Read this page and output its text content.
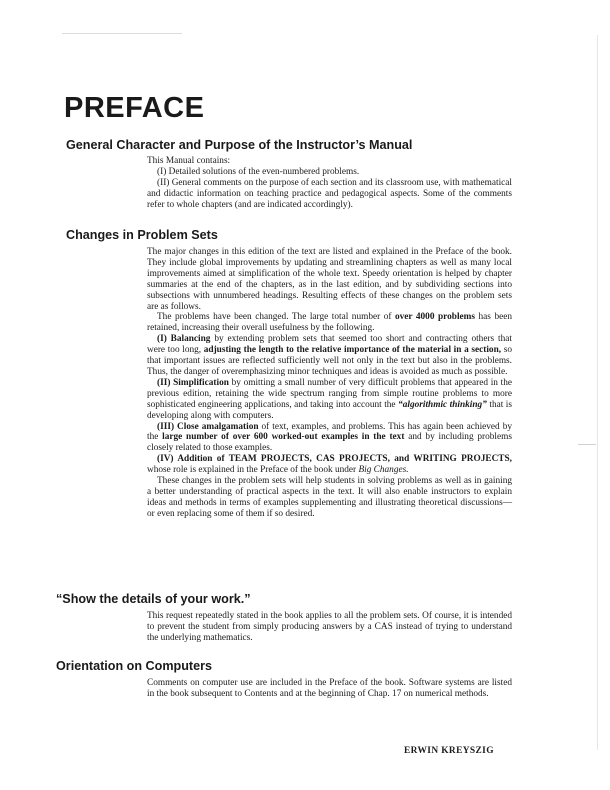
PREFACE
General Character and Purpose of the Instructor’s Manual

This Manual contains:

(I) Detailed solutions of the even-numbered problems.

(II) General comments on the purpose of each section and its classroom use, with mathematical and didactic information on teaching practice and pedagogical aspects. Some of the comments refer to whole chapters (and are indicated accordingly).

Changes in Problem Sets

The major changes in this edition of the text are listed and explained in the Preface of the book. They include global improvements by updating and streamlining chapters as well as many local improvements aimed at simplification of the whole text. Speedy orientation is helped by chapter summaries at the end of the chapters, as in the last edition, and by subdividing sections into subsections with unnumbered headings. Resulting effects of these changes on the problem sets are as follows.

The problems have been changed. The large total number of over 4000 problems has been retained, increasing their overall usefulness by the following.

(I) Balancing by extending problem sets that seemed too short and contracting others that were too long, adjusting the length to the relative importance of the material in a section, so that important issues are reflected sufficiently well not only in the text but also in the problems. Thus, the danger of overemphasizing minor techniques and ideas is avoided as much as possible.

(II) Simplification by omitting a small number of very difficult problems that appeared in the previous edition, retaining the wide spectrum ranging from simple routine problems to more sophisticated engineering applications, and taking into account the “algorithmic thinking” that is developing along with computers.

(III) Close amalgamation of text, examples, and problems. This has again been achieved by the large number of over 600 worked-out examples in the text and by including problems closely related to those examples.

(IV) Addition of TEAM PROJECTS, CAS PROJECTS, and WRITING PROJECTS, whose role is explained in the Preface of the book under Big Changes.

These changes in the problem sets will help students in solving problems as well as in gaining a better understanding of practical aspects in the text. It will also enable instructors to explain ideas and methods in terms of examples supplementing and illustrating theoretical discussions—or even replacing some of them if so desired.

“Show the details of your work.”

This request repeatedly stated in the book applies to all the problem sets. Of course, it is intended to prevent the student from simply producing answers by a CAS instead of trying to understand the underlying mathematics.

Orientation on Computers

Comments on computer use are included in the Preface of the book. Software systems are listed in the book subsequent to Contents and at the beginning of Chap. 17 on numerical methods.

ERWIN KREYSZIG
